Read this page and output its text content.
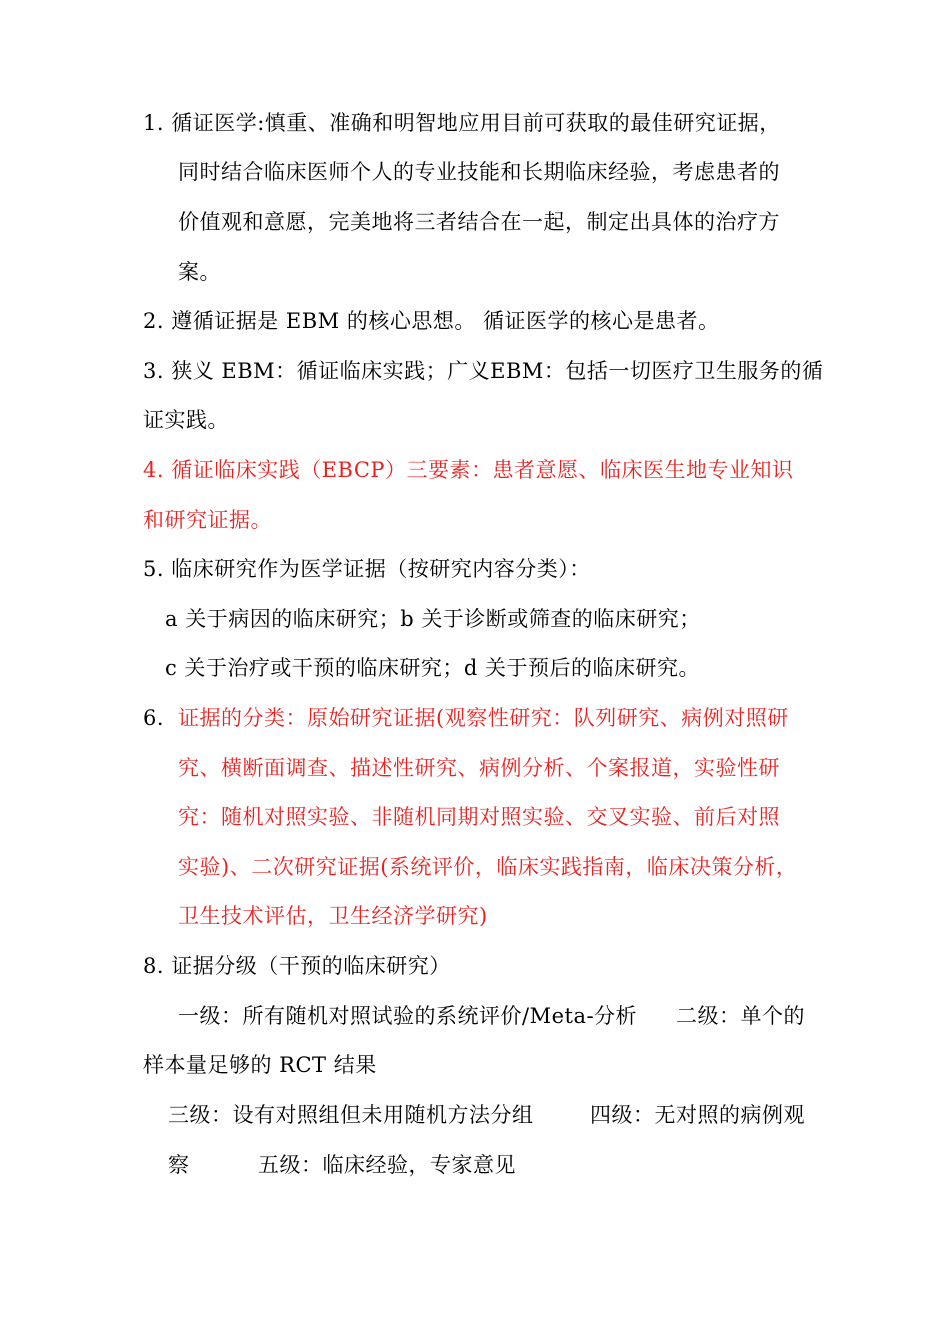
1. 循证医学:慎重、准确和明智地应用目前可获取的最佳研究证据，
同时结合临床医师个人的专业技能和长期临床经验，考虑患者的
价值观和意愿，完美地将三者结合在一起，制定出具体的治疗方
案。
2. 遵循证据是 EBM 的核心思想。 循证医学的核心是患者。
3. 狭义 EBM：循证临床实践；广义EBM：包括一切医疗卫生服务的循
证实践。
4. 循证临床实践（EBCP）三要素：患者意愿、临床医生地专业知识
和研究证据。
5. 临床研究作为医学证据（按研究内容分类）：
a 关于病因的临床研究；b 关于诊断或筛查的临床研究；
c 关于治疗或干预的临床研究；d 关于预后的临床研究。
6. 证据的分类：原始研究证据(观察性研究：队列研究、病例对照研
究、横断面调查、描述性研究、病例分析、个案报道，实验性研
究：随机对照实验、非随机同期对照实验、交叉实验、前后对照
实验)、二次研究证据(系统评价，临床实践指南，临床决策分析，
卫生技术评估，卫生经济学研究)
8. 证据分级（干预的临床研究）
一级：所有随机对照试验的系统评价/Meta-分析 二级：单个的
样本量足够的 RCT 结果
三级：设有对照组但未用随机方法分组	四级：无对照的病例观
察	五级：临床经验，专家意见
